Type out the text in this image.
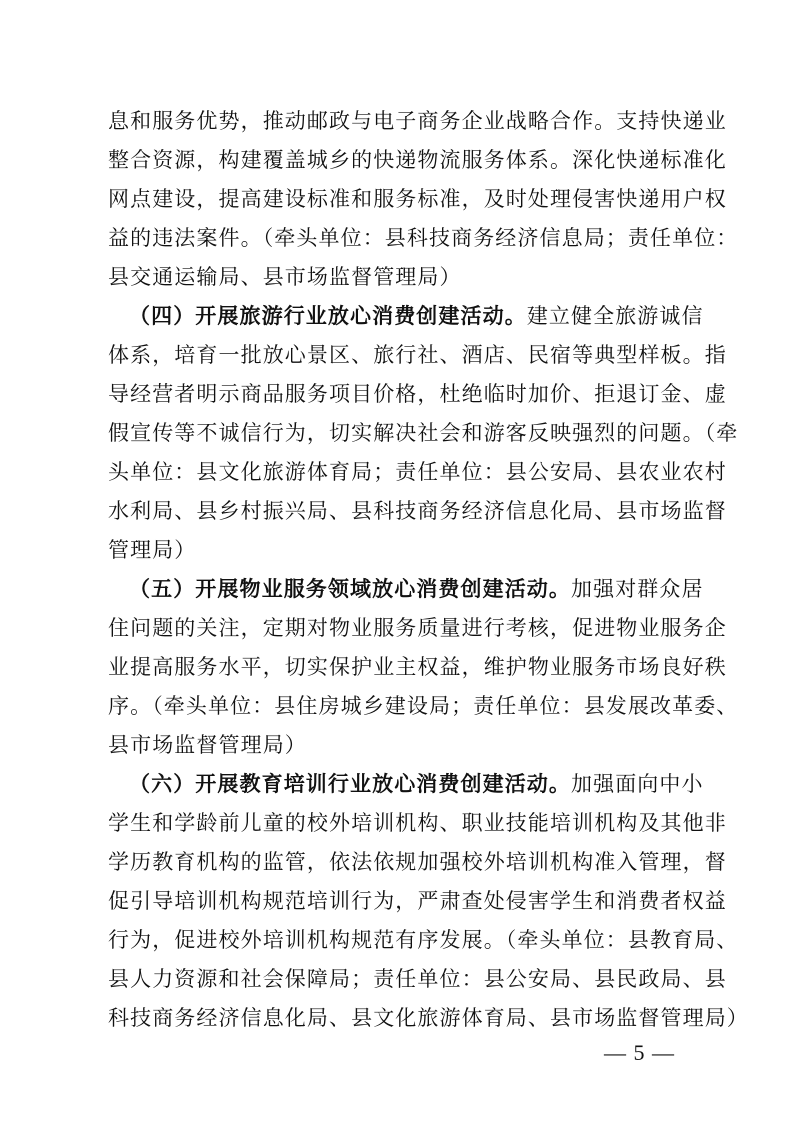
息和服务优势，推动邮政与电子商务企业战略合作。支持快递业
整合资源，构建覆盖城乡的快递物流服务体系。深化快递标准化
网点建设，提高建设标准和服务标准，及时处理侵害快递用户权
益的违法案件。（牵头单位：县科技商务经济信息局；责任单位：
县交通运输局、县市场监督管理局）
（四）开展旅游行业放心消费创建活动。建立健全旅游诚信
体系，培育一批放心景区、旅行社、酒店、民宿等典型样板。指
导经营者明示商品服务项目价格，杜绝临时加价、拒退订金、虚
假宣传等不诚信行为，切实解决社会和游客反映强烈的问题。（牵
头单位：县文化旅游体育局；责任单位：县公安局、县农业农村
水利局、县乡村振兴局、县科技商务经济信息化局、县市场监督
管理局）
（五）开展物业服务领域放心消费创建活动。加强对群众居
住问题的关注，定期对物业服务质量进行考核，促进物业服务企
业提高服务水平，切实保护业主权益，维护物业服务市场良好秩
序。（牵头单位：县住房城乡建设局；责任单位：县发展改革委、
县市场监督管理局）
（六）开展教育培训行业放心消费创建活动。加强面向中小
学生和学龄前儿童的校外培训机构、职业技能培训机构及其他非
学历教育机构的监管，依法依规加强校外培训机构准入管理，督
促引导培训机构规范培训行为，严肃查处侵害学生和消费者权益
行为，促进校外培训机构规范有序发展。（牵头单位：县教育局、
县人力资源和社会保障局；责任单位：县公安局、县民政局、县
科技商务经济信息化局、县文化旅游体育局、县市场监督管理局）
— 5 —
